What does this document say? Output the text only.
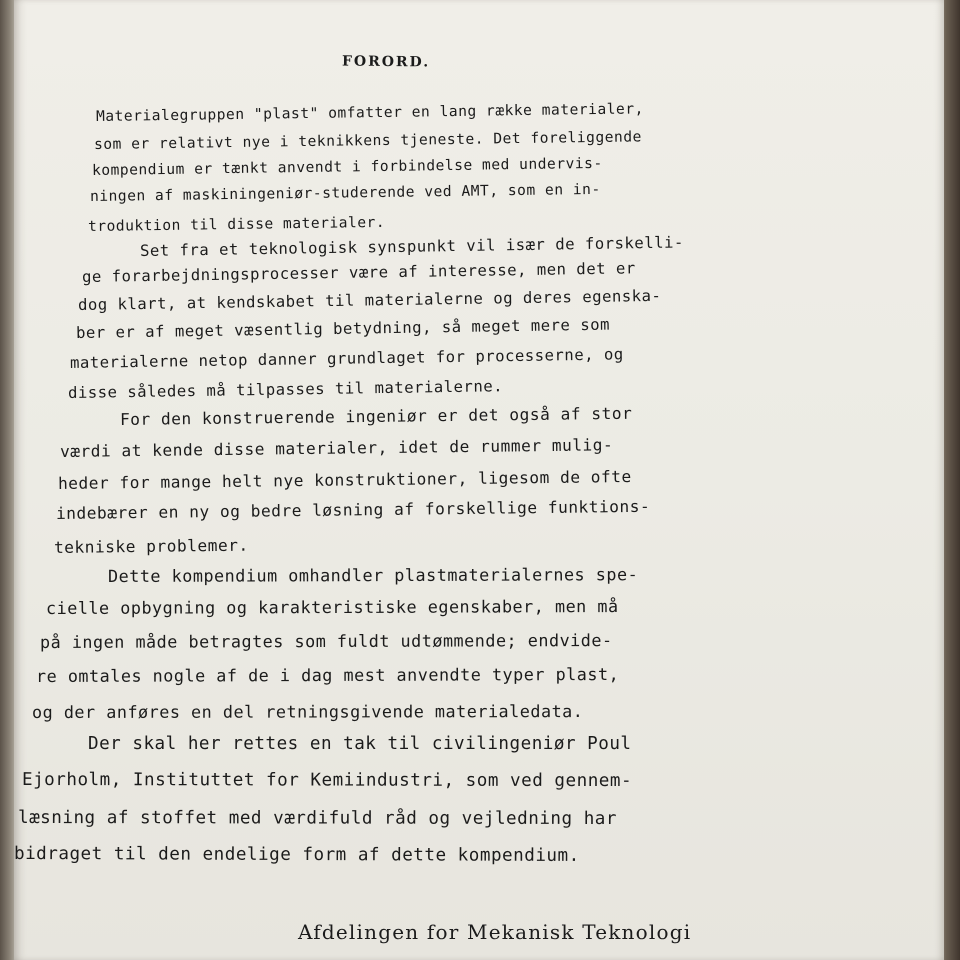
FORORD.
Materialegruppen "plast" omfatter en lang række materialer,
som er relativt nye i teknikkens tjeneste. Det foreliggende
kompendium er tænkt anvendt i forbindelse med undervis-
ningen af maskiningeniør-studerende ved AMT, som en in-
troduktion til disse materialer.
Set fra et teknologisk synspunkt vil især de forskelli-
ge forarbejdningsprocesser være af interesse, men det er
dog klart, at kendskabet til materialerne og deres egenska-
ber er af meget væsentlig betydning, så meget mere som
materialerne netop danner grundlaget for processerne, og
disse således må tilpasses til materialerne.
For den konstruerende ingeniør er det også af stor
værdi at kende disse materialer, idet de rummer mulig-
heder for mange helt nye konstruktioner, ligesom de ofte
indebærer en ny og bedre løsning af forskellige funktions-
tekniske problemer.
Dette kompendium omhandler plastmaterialernes spe-
cielle opbygning og karakteristiske egenskaber, men må
på ingen måde betragtes som fuldt udtømmende; endvide-
re omtales nogle af de i dag mest anvendte typer plast,
og der anføres en del retningsgivende materialedata.
Der skal her rettes en tak til civilingeniør Poul
Ejorholm, Instituttet for Kemiindustri, som ved gennem-
læsning af stoffet med værdifuld råd og vejledning har
bidraget til den endelige form af dette kompendium.
Afdelingen for Mekanisk Teknologi
